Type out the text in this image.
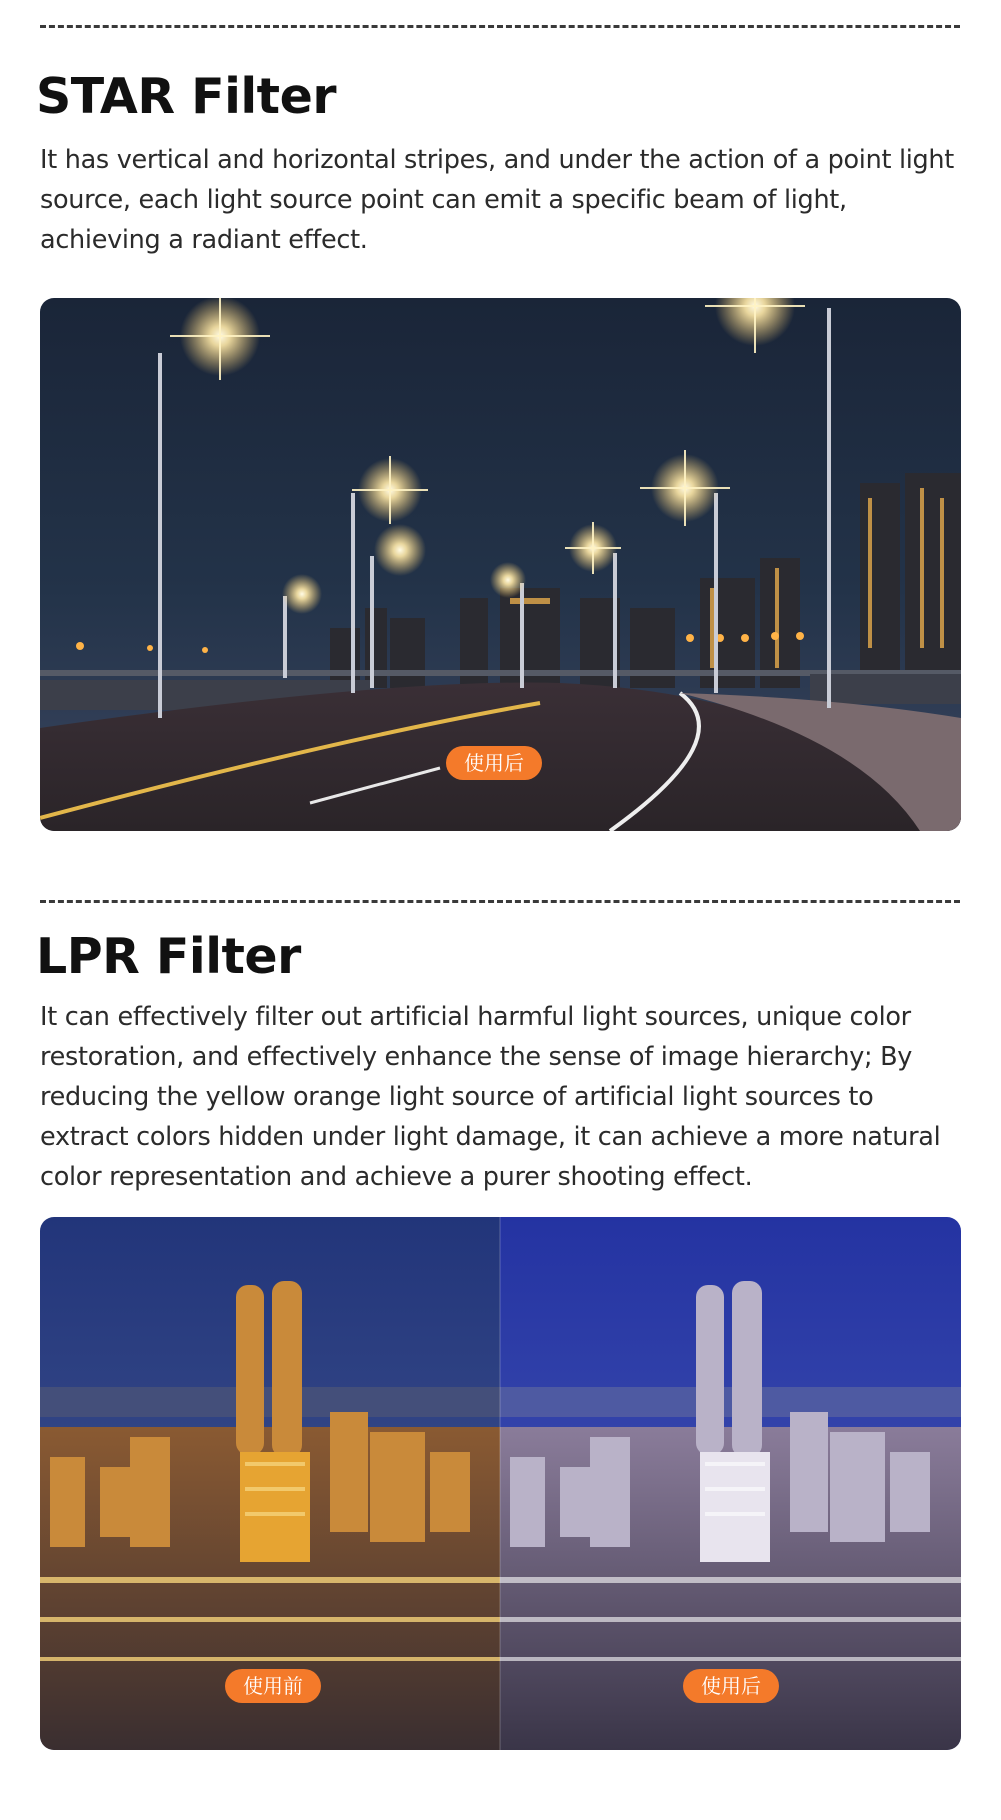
STAR Filter

It has vertical and horizontal stripes, and under the action of a point light source, each light source point can emit a specific beam of light, achieving a radiant effect.

使用后
LPR Filter

It can effectively filter out artificial harmful light sources, unique color restoration, and effectively enhance the sense of image hierarchy; By reducing the yellow orange light source of artificial light sources to extract colors hidden under light damage, it can achieve a more natural color representation and achieve a purer shooting effect.

使用前	使用后
